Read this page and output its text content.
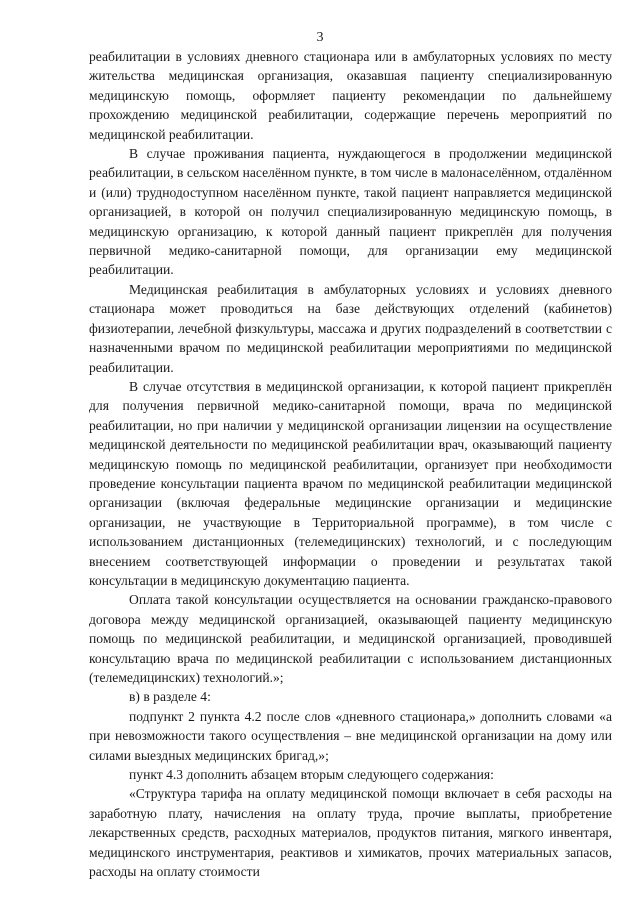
3

реабилитации в условиях дневного стационара или в амбулаторных условиях по месту жительства медицинская организация, оказавшая пациенту специализированную медицинскую помощь, оформляет пациенту рекомендации по дальнейшему прохождению медицинской реабилитации, содержащие перечень мероприятий по медицинской реабилитации.

В случае проживания пациента, нуждающегося в продолжении медицинской реабилитации, в сельском населённом пункте, в том числе в малонаселённом, отдалённом и (или) труднодоступном населённом пункте, такой пациент направляется медицинской организацией, в которой он получил специализированную медицинскую помощь, в медицинскую организацию, к которой данный пациент прикреплён для получения первичной медико-санитарной помощи, для организации ему медицинской реабилитации.

Медицинская реабилитация в амбулаторных условиях и условиях дневного стационара может проводиться на базе действующих отделений (кабинетов) физиотерапии, лечебной физкультуры, массажа и других подразделений в соответствии с назначенными врачом по медицинской реабилитации мероприятиями по медицинской реабилитации.

В случае отсутствия в медицинской организации, к которой пациент прикреплён для получения первичной медико-санитарной помощи, врача по медицинской реабилитации, но при наличии у медицинской организации лицензии на осуществление медицинской деятельности по медицинской реабилитации врач, оказывающий пациенту медицинскую помощь по медицинской реабилитации, организует при необходимости проведение консультации пациента врачом по медицинской реабилитации медицинской организации (включая федеральные медицинские организации и медицинские организации, не участвующие в Территориальной программе), в том числе с использованием дистанционных (телемедицинских) технологий, и с последующим внесением соответствующей информации о проведении и результатах такой консультации в медицинскую документацию пациента.

Оплата такой консультации осуществляется на основании гражданско-правового договора между медицинской организацией, оказывающей пациенту медицинскую помощь по медицинской реабилитации, и медицинской организацией, проводившей консультацию врача по медицинской реабилитации с использованием дистанционных (телемедицинских) технологий.»;

в) в разделе 4:

подпункт 2 пункта 4.2 после слов «дневного стационара,» дополнить словами «а при невозможности такого осуществления – вне медицинской организации на дому или силами выездных медицинских бригад,»;

пункт 4.3 дополнить абзацем вторым следующего содержания:

«Структура тарифа на оплату медицинской помощи включает в себя расходы на заработную плату, начисления на оплату труда, прочие выплаты, приобретение лекарственных средств, расходных материалов, продуктов питания, мягкого инвентаря, медицинского инструментария, реактивов и химикатов, прочих материальных запасов, расходы на оплату стоимости
